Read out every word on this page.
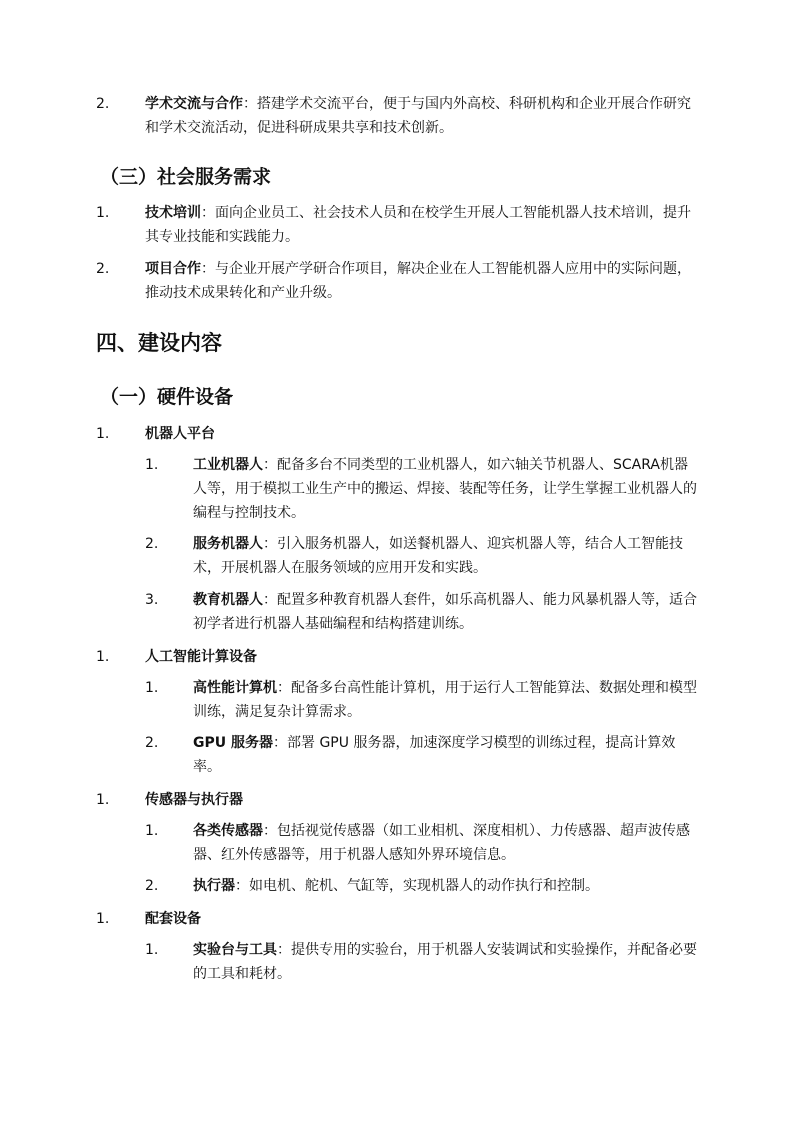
2.	学术交流与合作：搭建学术交流平台，便于与国内外高校、科研机构和企业开展合作研究和学术交流活动，促进科研成果共享和技术创新。
（三）社会服务需求
1.	技术培训：面向企业员工、社会技术人员和在校学生开展人工智能机器人技术培训，提升其专业技能和实践能力。
2.	项目合作：与企业开展产学研合作项目，解决企业在人工智能机器人应用中的实际问题，推动技术成果转化和产业升级。
四、建设内容
（一）硬件设备
1.	机器人平台
1. 工业机器人：配备多台不同类型的工业机器人，如六轴关节机器人、SCARA机器人等，用于模拟工业生产中的搬运、焊接、装配等任务，让学生掌握工业机器人的编程与控制技术。
2. 服务机器人：引入服务机器人，如送餐机器人、迎宾机器人等，结合人工智能技术，开展机器人在服务领域的应用开发和实践。
3. 教育机器人：配置多种教育机器人套件，如乐高机器人、能力风暴机器人等，适合初学者进行机器人基础编程和结构搭建训练。
1.	人工智能计算设备
1. 高性能计算机：配备多台高性能计算机，用于运行人工智能算法、数据处理和模型训练，满足复杂计算需求。
2. GPU 服务器：部署 GPU 服务器，加速深度学习模型的训练过程，提高计算效率。
1.	传感器与执行器
1. 各类传感器：包括视觉传感器（如工业相机、深度相机）、力传感器、超声波传感器、红外传感器等，用于机器人感知外界环境信息。
2. 执行器：如电机、舵机、气缸等，实现机器人的动作执行和控制。
1.	配套设备
1. 实验台与工具：提供专用的实验台，用于机器人安装调试和实验操作，并配备必要的工具和耗材。
